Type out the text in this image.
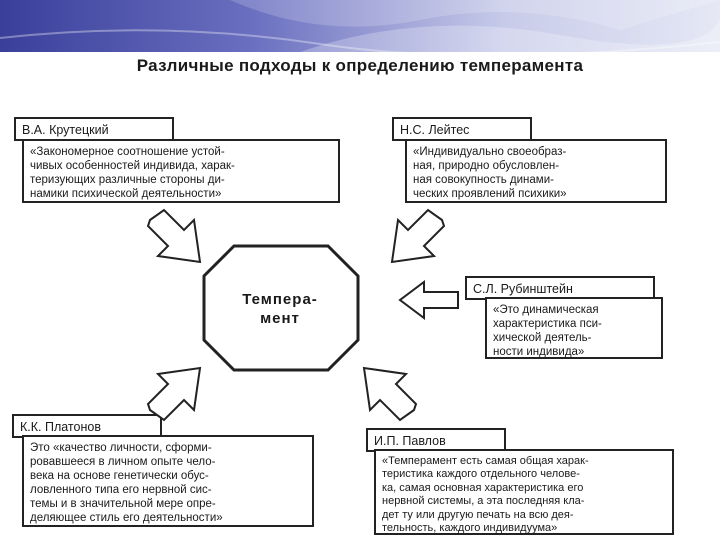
Различные подходы к определению темперамента
В.А. Крутецкий
«Закономерное соотношение устой-
чивых особенностей индивида, харак-
теризующих различные стороны ди-
намики психической деятельности»
Н.С. Лейтес
«Индивидуально своеобраз-
ная, природно обусловлен-
ная совокупность динами-
ческих проявлений психики»
С.Л. Рубинштейн
«Это динамическая
характеристика пси-
хической деятель-
ности индивида»
К.К. Платонов
Это «качество личности, сформи-
ровавшееся в личном опыте чело-
века на основе генетически обус-
ловленного типа его нервной сис-
темы и в значительной мере опре-
деляющее стиль его деятельности»
И.П. Павлов
«Темперамент есть самая общая харак-
теристика каждого отдельного челове-
ка, самая основная характеристика его
нервной системы, а эта последняя кла-
дет ту или другую печать на всю дея-
тельность, каждого индивидуума»
Темпера-
мент
